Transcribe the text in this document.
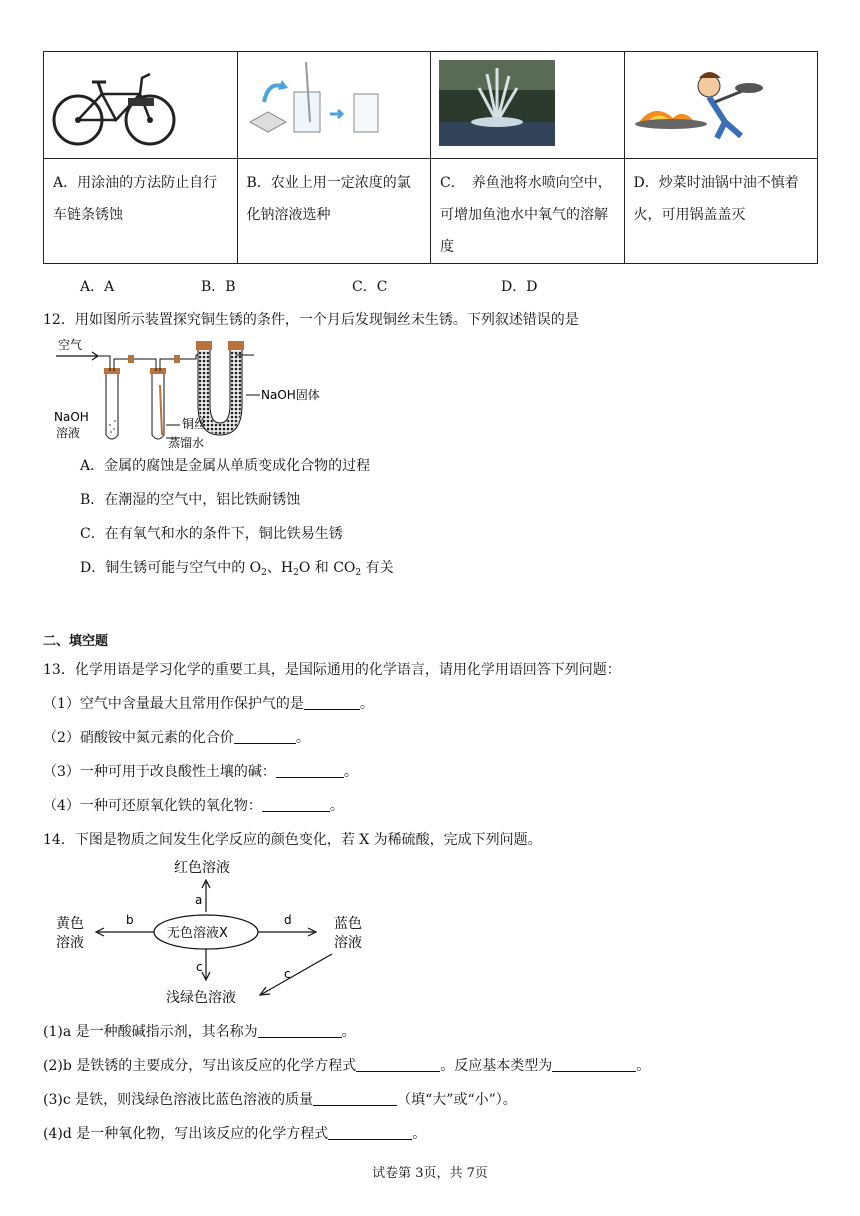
A．用涂油的方法防止自行车链条锈蚀	B．农业上用一定浓度的氯化钠溶液选种	C．　养鱼池将水喷向空中，可增加鱼池水中氧气的溶解度	D．炒菜时油锅中油不慎着火，可用锅盖盖灭
A．A	B．B	C．C	D．D
12．用如图所示装置探究铜生锈的条件，一个月后发现铜丝未生锈。下列叙述错误的是
空气
NaOH固体
NaOH
溶液
铜丝
蒸馏水
A．金属的腐蚀是金属从单质变成化合物的过程
B．在潮湿的空气中，铝比铁耐锈蚀
C．在有氧气和水的条件下，铜比铁易生锈
D．铜生锈可能与空气中的 $O_2$、$H_2O$ 和 $CO_2$ 有关
二、填空题
13．化学用语是学习化学的重要工具，是国际通用的化学语言，请用化学用语回答下列问题：
（1）空气中含量最大且常用作保护气的是	。
（2）硝酸铵中氮元素的化合价	。
（3）一种可用于改良酸性土壤的碱：	。
（4）一种可还原氧化铁的氧化物：	。
14．下图是物质之间发生化学反应的颜色变化，若 X 为稀硫酸，完成下列问题。
红色溶液
a
无色溶液X
b
黄色
溶液
d	蓝色
溶液
c	c
浅绿色溶液
(1)a 是一种酸碱指示剂，其名称为	。
(2)b 是铁锈的主要成分，写出该反应的化学方程式	。反应基本类型为	。
(3)c 是铁，则浅绿色溶液比蓝色溶液的质量	（填“大”或“小”）。
(4)d 是一种氧化物，写出该反应的化学方程式	。
试卷第 3页，共 7页
